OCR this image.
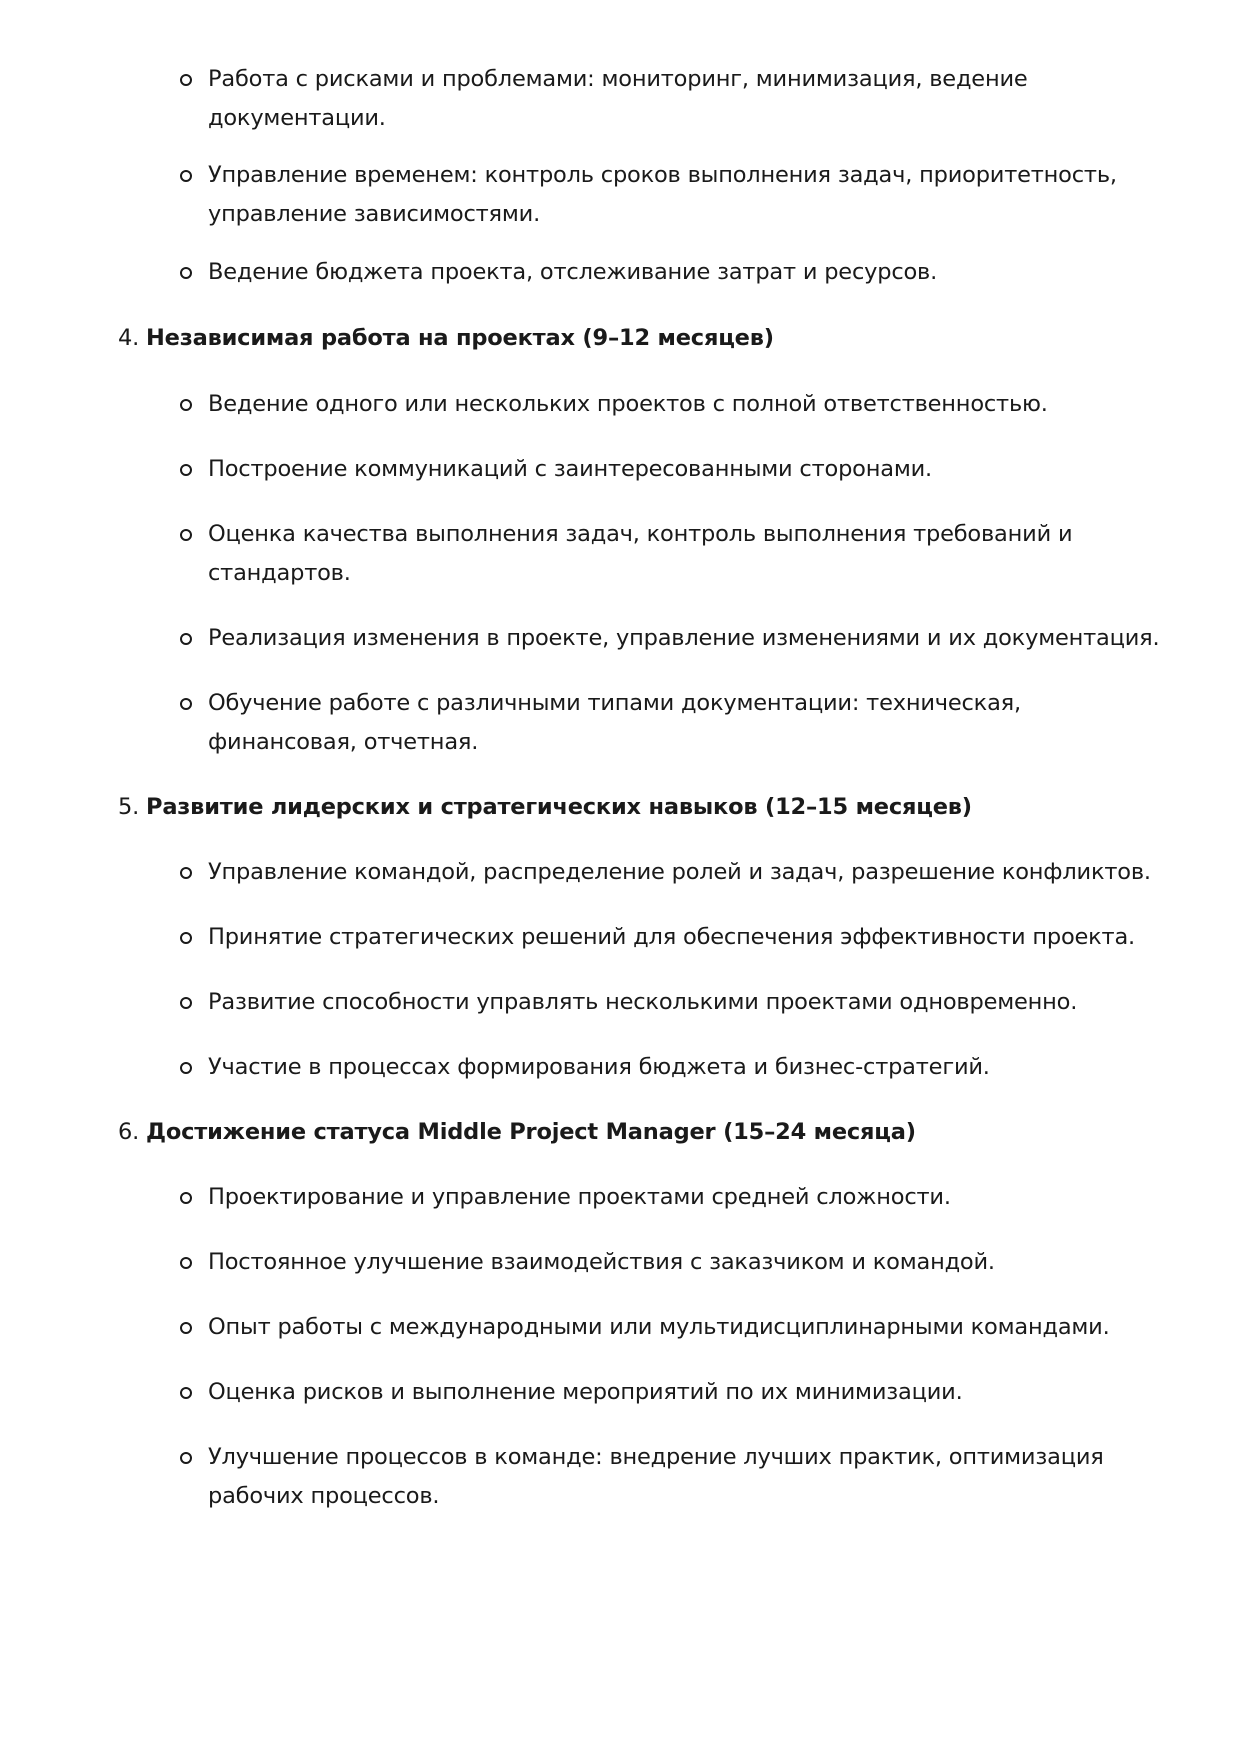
Работа с рисками и проблемами: мониторинг, минимизация, ведение документации.
Управление временем: контроль сроков выполнения задач, приоритетность, управление зависимостями.
Ведение бюджета проекта, отслеживание затрат и ресурсов.
4. Независимая работа на проектах (9–12 месяцев)
Ведение одного или нескольких проектов с полной ответственностью.
Построение коммуникаций с заинтересованными сторонами.
Оценка качества выполнения задач, контроль выполнения требований и стандартов.
Реализация изменения в проекте, управление изменениями и их документация.
Обучение работе с различными типами документации: техническая, финансовая, отчетная.
5. Развитие лидерских и стратегических навыков (12–15 месяцев)
Управление командой, распределение ролей и задач, разрешение конфликтов.
Принятие стратегических решений для обеспечения эффективности проекта.
Развитие способности управлять несколькими проектами одновременно.
Участие в процессах формирования бюджета и бизнес-стратегий.
6. Достижение статуса Middle Project Manager (15–24 месяца)
Проектирование и управление проектами средней сложности.
Постоянное улучшение взаимодействия с заказчиком и командой.
Опыт работы с международными или мультидисциплинарными командами.
Оценка рисков и выполнение мероприятий по их минимизации.
Улучшение процессов в команде: внедрение лучших практик, оптимизация рабочих процессов.
